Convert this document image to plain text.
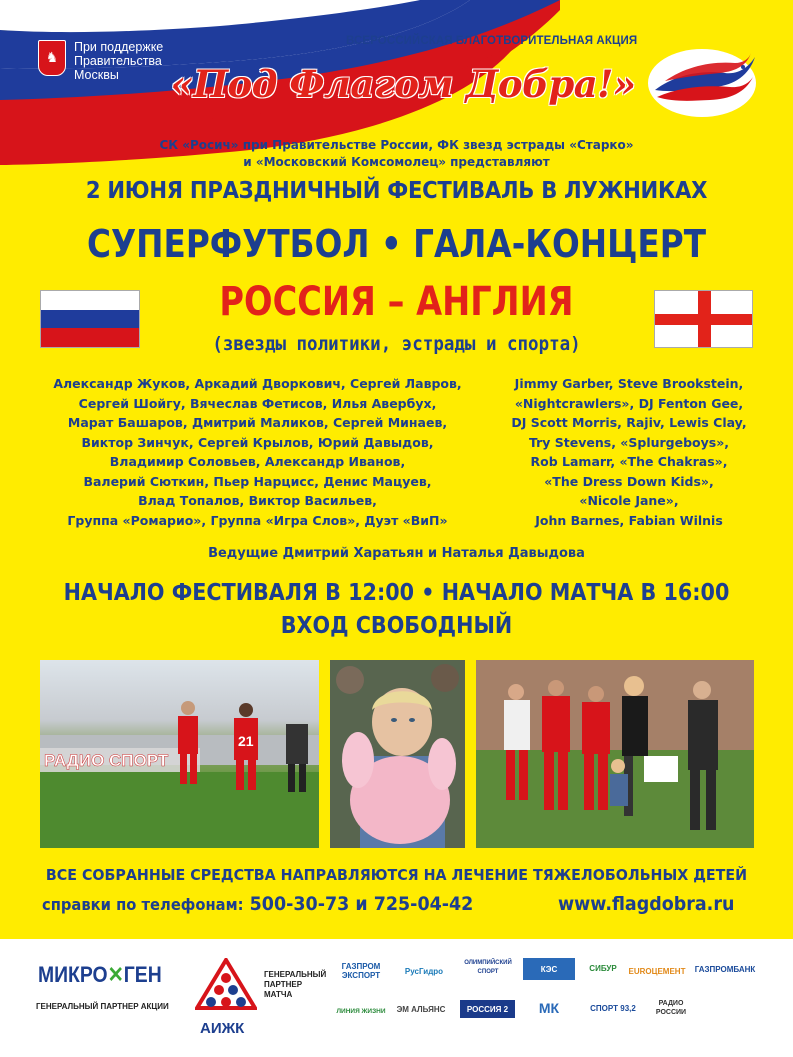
♞
При поддержке Правительства Москвы
ВСЕРОССИЙСКАЯ БЛАГОТВОРИТЕЛЬНАЯ АКЦИЯ
«Под Флагом Добра!»
СК «Росич» при Правительстве России, ФК звезд эстрады «Старко»
и «Московский Комсомолец» представляют
2 ИЮНЯ ПРАЗДНИЧНЫЙ ФЕСТИВАЛЬ В ЛУЖНИКАХ
СУПЕРФУТБОЛ • ГАЛА-КОНЦЕРТ
РОССИЯ – АНГЛИЯ
(звезды политики, эстрады и спорта)
Александр Жуков, Аркадий Дворкович, Сергей Лавров,
Сергей Шойгу, Вячеслав Фетисов, Илья Авербух,
Марат Башаров, Дмитрий Маликов, Сергей Минаев,
Виктор Зинчук, Сергей Крылов, Юрий Давыдов,
Владимир Соловьев, Александр Иванов,
Валерий Сюткин, Пьер Нарцисс, Денис Мацуев,
Влад Топалов, Виктор Васильев,
Группа «Ромарио», Группа «Игра Слов», Дуэт «ВиП»
Jimmy Garber, Steve Brookstein,
«Nightcrawlers», DJ Fenton Gee,
DJ Scott Morris, Rajiv, Lewis Clay,
Try Stevens, «Splurgeboys»,
Rob Lamarr, «The Chakras»,
«The Dress Down Kids»,
«Nicole Jane»,
John Barnes, Fabian Wilnis
Ведущие Дмитрий Харатьян и Наталья Давыдова
НАЧАЛО ФЕСТИВАЛЯ В 12:00 • НАЧАЛО МАТЧА В 16:00
ВХОД СВОБОДНЫЙ
РАДИО СПОРТ
21
ВСЕ СОБРАННЫЕ СРЕДСТВА НАПРАВЛЯЮТСЯ НА ЛЕЧЕНИЕ ТЯЖЕЛОБОЛЬНЫХ ДЕТЕЙ
справки по телефонам: 500-30-73 и 725-04-42	www.flagdobra.ru
МИКРО✕ГЕН
ГЕНЕРАЛЬНЫЙ ПАРТНЕР АКЦИИ
АИЖК
ГЕНЕРАЛЬНЫЙ ПАРТНЕР МАТЧА
ГАЗПРОМ ЭКСПОРТ	РусГидро
ОЛИМПИЙСКИЙ СПОРТ	КЭС	СИБУР EUROЦЕМЕНТ ГАЗПРОМБАНК
ЛИНИЯ ЖИЗНИ	ЭМ АЛЬЯНС	РОССИЯ 2	МК	СПОРТ 93,2	РАДИО РОССИИ
